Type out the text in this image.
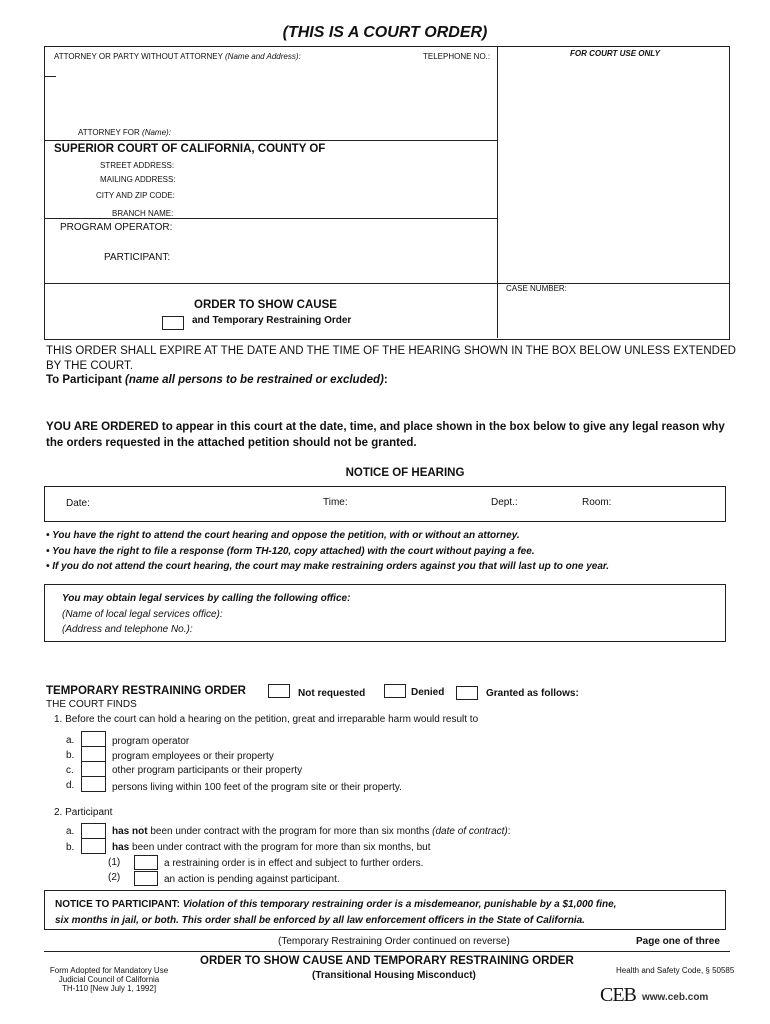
(THIS IS A COURT ORDER)
ATTORNEY OR PARTY WITHOUT ATTORNEY (Name and Address):	TELEPHONE NO.:	FOR COURT USE ONLY
ATTORNEY FOR (Name):
SUPERIOR COURT OF CALIFORNIA, COUNTY OF
STREET ADDRESS:
MAILING ADDRESS:
CITY AND ZIP CODE:
BRANCH NAME:
PROGRAM OPERATOR:
PARTICIPANT:
CASE NUMBER:
ORDER TO SHOW CAUSE
and Temporary Restraining Order
THIS ORDER SHALL EXPIRE AT THE DATE AND THE TIME OF THE HEARING SHOWN IN THE BOX BELOW UNLESS EXTENDED
BY THE COURT.
To Participant (name all persons to be restrained or excluded):
YOU ARE ORDERED to appear in this court at the date, time, and place shown in the box below to give any legal reason why
the orders requested in the attached petition should not be granted.
NOTICE OF HEARING
Date:	Time:	Dept.:	Room:
• You have the right to attend the court hearing and oppose the petition, with or without an attorney.
• You have the right to file a response (form TH-120, copy attached) with the court without paying a fee.
• If you do not attend the court hearing, the court may make restraining orders against you that will last up to one year.
You may obtain legal services by calling the following office:
(Name of local legal services office):
(Address and telephone No.):
TEMPORARY RESTRAINING ORDER	Not requested	Denied	Granted as follows:
THE COURT FINDS
1. Before the court can hold a hearing on the petition, great and irreparable harm would result to
a.	program operator
b.	program employees or their property
c.	other program participants or their property
d.	persons living within 100 feet of the program site or their property.
2. Participant
a.	has not been under contract with the program for more than six months (date of contract):
b.	has been under contract with the program for more than six months, but
(1)	a restraining order is in effect and subject to further orders.
(2)	an action is pending against participant.
NOTICE TO PARTICIPANT: Violation of this temporary restraining order is a misdemeanor, punishable by a $1,000 fine,
six months in jail, or both. This order shall be enforced by all law enforcement officers in the State of California.
(Temporary Restraining Order continued on reverse)	Page one of three
Form Adopted for Mandatory Use
Judicial Council of California
TH-110 [New July 1, 1992]
ORDER TO SHOW CAUSE AND TEMPORARY RESTRAINING ORDER
(Transitional Housing Misconduct)	Health and Safety Code, § 50585
CEB www.ceb.com
